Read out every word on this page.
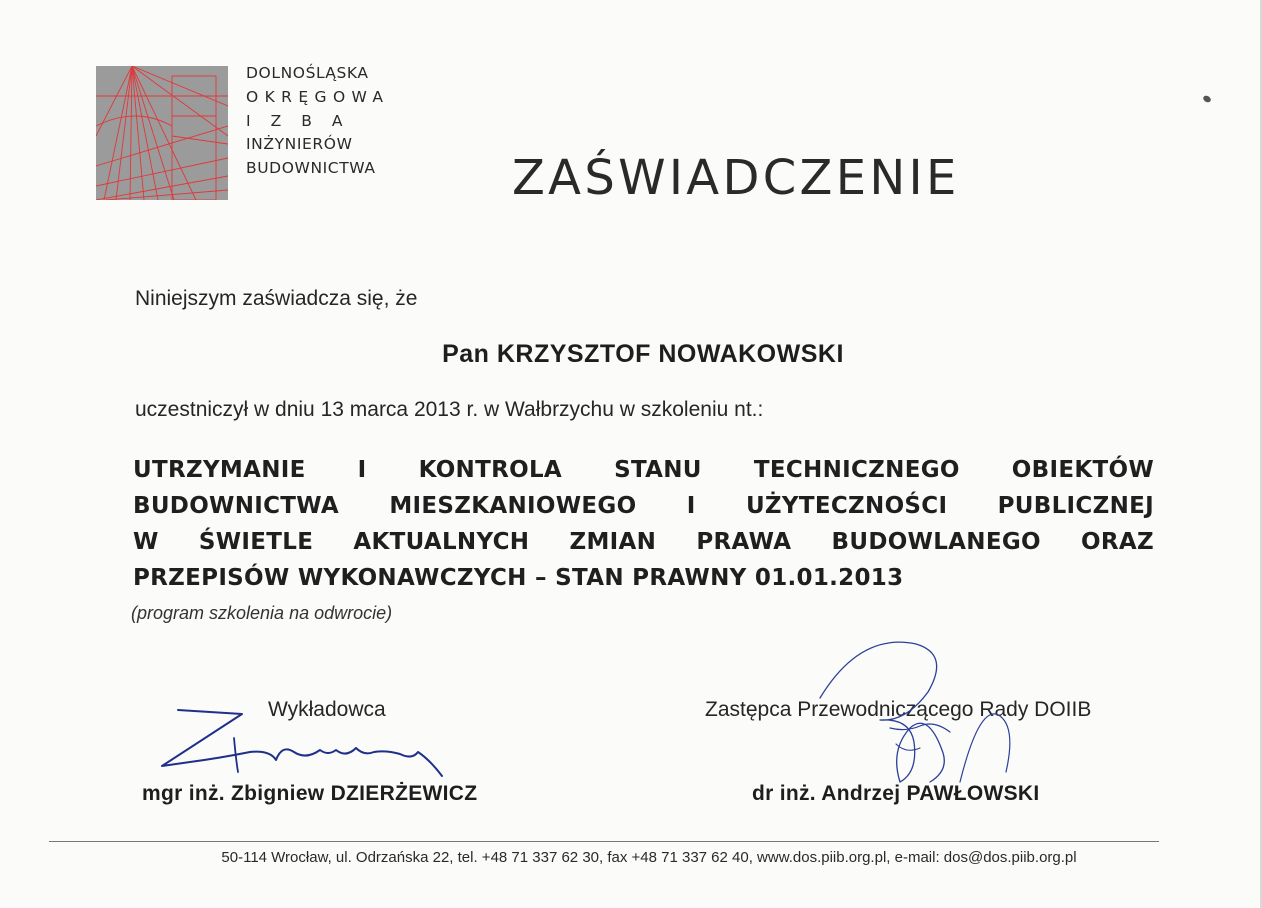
DOLNOŚLĄSKA
OKRĘGOWA
IZBA
INŻYNIERÓW
BUDOWNICTWA	ZAŚWIADCZENIE
Niniejszym zaświadcza się, że
Pan KRZYSZTOF NOWAKOWSKI
uczestniczył w dniu 13 marca 2013 r. w Wałbrzychu w szkoleniu nt.:
UTRZYMANIE I KONTROLA STANU TECHNICZNEGO OBIEKTÓW
BUDOWNICTWA MIESZKANIOWEGO I UŻYTECZNOŚCI PUBLICZNEJ
W ŚWIETLE AKTUALNYCH ZMIAN PRAWA BUDOWLANEGO ORAZ
PRZEPISÓW WYKONAWCZYCH – STAN PRAWNY 01.01.2013
(program szkolenia na odwrocie)
Wykładowca	Zastępca Przewodniczącego Rady DOIIB
mgr inż. Zbigniew DZIERŻEWICZ	dr inż. Andrzej PAWŁOWSKI
50-114 Wrocław, ul. Odrzańska 22, tel. +48 71 337 62 30, fax +48 71 337 62 40, www.dos.piib.org.pl, e-mail: dos@dos.piib.org.pl
